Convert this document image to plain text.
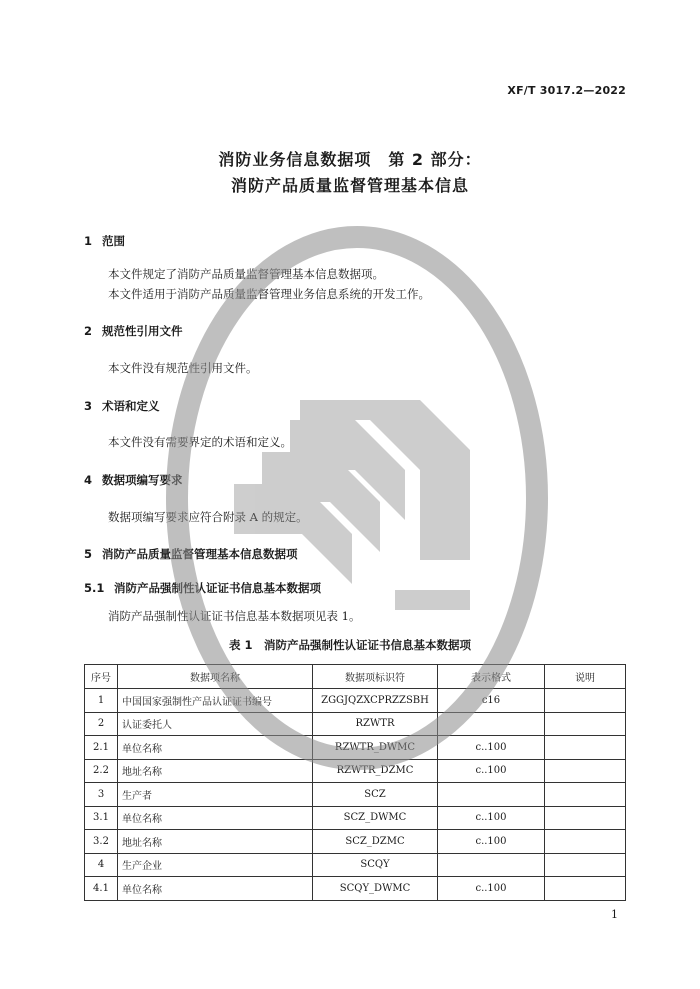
XF/T 3017.2—2022
消防业务信息数据项　第 2 部分：
消防产品质量监督管理基本信息
1 范围
本文件规定了消防产品质量监督管理基本信息数据项。
本文件适用于消防产品质量监督管理业务信息系统的开发工作。
2 规范性引用文件
本文件没有规范性引用文件。
3 术语和定义
本文件没有需要界定的术语和定义。
4 数据项编写要求
数据项编写要求应符合附录 A 的规定。
5 消防产品质量监督管理基本信息数据项
5.1 消防产品强制性认证证书信息基本数据项
消防产品强制性认证证书信息基本数据项见表 1。
表 1　消防产品强制性认证证书信息基本数据项
序号	数据项名称	数据项标识符	表示格式	说明
1	中国国家强制性产品认证证书编号	ZGGJQZXCPRZZSBH	c16	
2	认证委托人	RZWTR		
2.1	单位名称	RZWTR_DWMC	c..100	
2.2	地址名称	RZWTR_DZMC	c..100	
3	生产者	SCZ		
3.1	单位名称	SCZ_DWMC	c..100	
3.2	地址名称	SCZ_DZMC	c..100	
4	生产企业	SCQY		
4.1	单位名称	SCQY_DWMC	c..100	
1
